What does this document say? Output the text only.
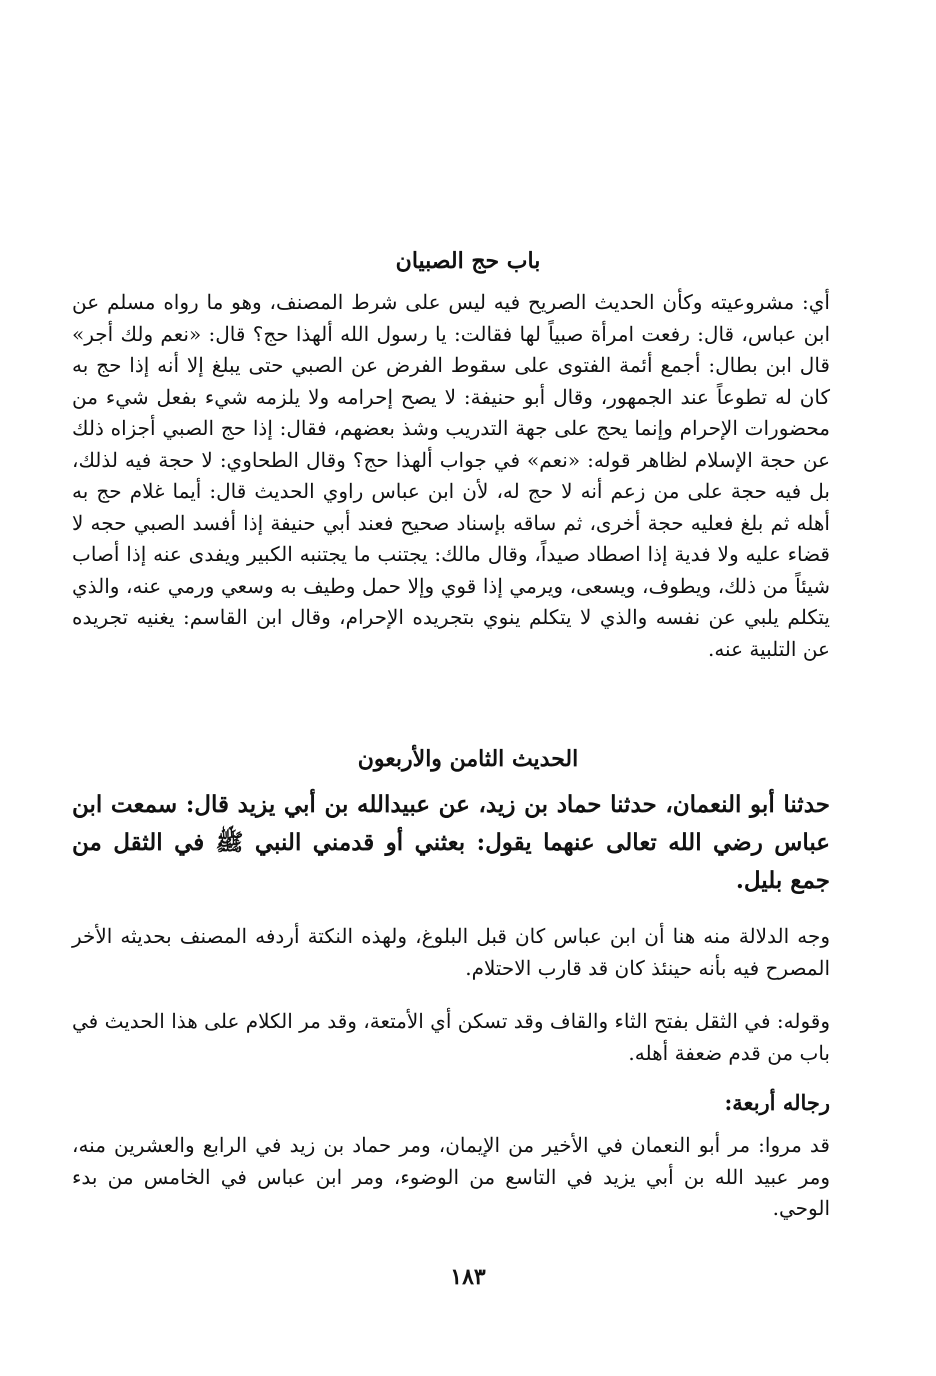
باب حج الصبيان
أي: مشروعيته وكأن الحديث الصريح فيه ليس على شرط المصنف، وهو ما رواه مسلم عن ابن عباس، قال: رفعت امرأة صبياً لها فقالت: يا رسول الله ألهذا حج؟ قال: «نعم ولك أجر» قال ابن بطال: أجمع أئمة الفتوى على سقوط الفرض عن الصبي حتى يبلغ إلا أنه إذا حج به كان له تطوعاً عند الجمهور، وقال أبو حنيفة: لا يصح إحرامه ولا يلزمه شيء بفعل شيء من محضورات الإحرام وإنما يحج على جهة التدريب وشذ بعضهم، فقال: إذا حج الصبي أجزاه ذلك عن حجة الإسلام لظاهر قوله: «نعم» في جواب ألهذا حج؟ وقال الطحاوي: لا حجة فيه لذلك، بل فيه حجة على من زعم أنه لا حج له، لأن ابن عباس راوي الحديث قال: أيما غلام حج به أهله ثم بلغ فعليه حجة أخرى، ثم ساقه بإسناد صحيح فعند أبي حنيفة إذا أفسد الصبي حجه لا قضاء عليه ولا فدية إذا اصطاد صيداً، وقال مالك: يجتنب ما يجتنبه الكبير ويفدى عنه إذا أصاب شيئاً من ذلك، ويطوف، ويسعى، ويرمي إذا قوي وإلا حمل وطيف به وسعي ورمي عنه، والذي يتكلم يلبي عن نفسه والذي لا يتكلم ينوي بتجريده الإحرام، وقال ابن القاسم: يغنيه تجريده عن التلبية عنه.
الحديث الثامن والأربعون
حدثنا أبو النعمان، حدثنا حماد بن زيد، عن عبيدالله بن أبي يزيد قال: سمعت ابن عباس رضي الله تعالى عنهما يقول: بعثني أو قدمني النبي ﷺ في الثقل من جمع بليل.
وجه الدلالة منه هنا أن ابن عباس كان قبل البلوغ، ولهذه النكتة أردفه المصنف بحديثه الأخر المصرح فيه بأنه حينئذ كان قد قارب الاحتلام.
وقوله: في الثقل بفتح الثاء والقاف وقد تسكن أي الأمتعة، وقد مر الكلام على هذا الحديث في باب من قدم ضعفة أهله.
رجاله أربعة:
قد مروا: مر أبو النعمان في الأخير من الإيمان، ومر حماد بن زيد في الرابع والعشرين منه، ومر عبيد الله بن أبي يزيد في التاسع من الوضوء، ومر ابن عباس في الخامس من بدء الوحي.
١٨٣
